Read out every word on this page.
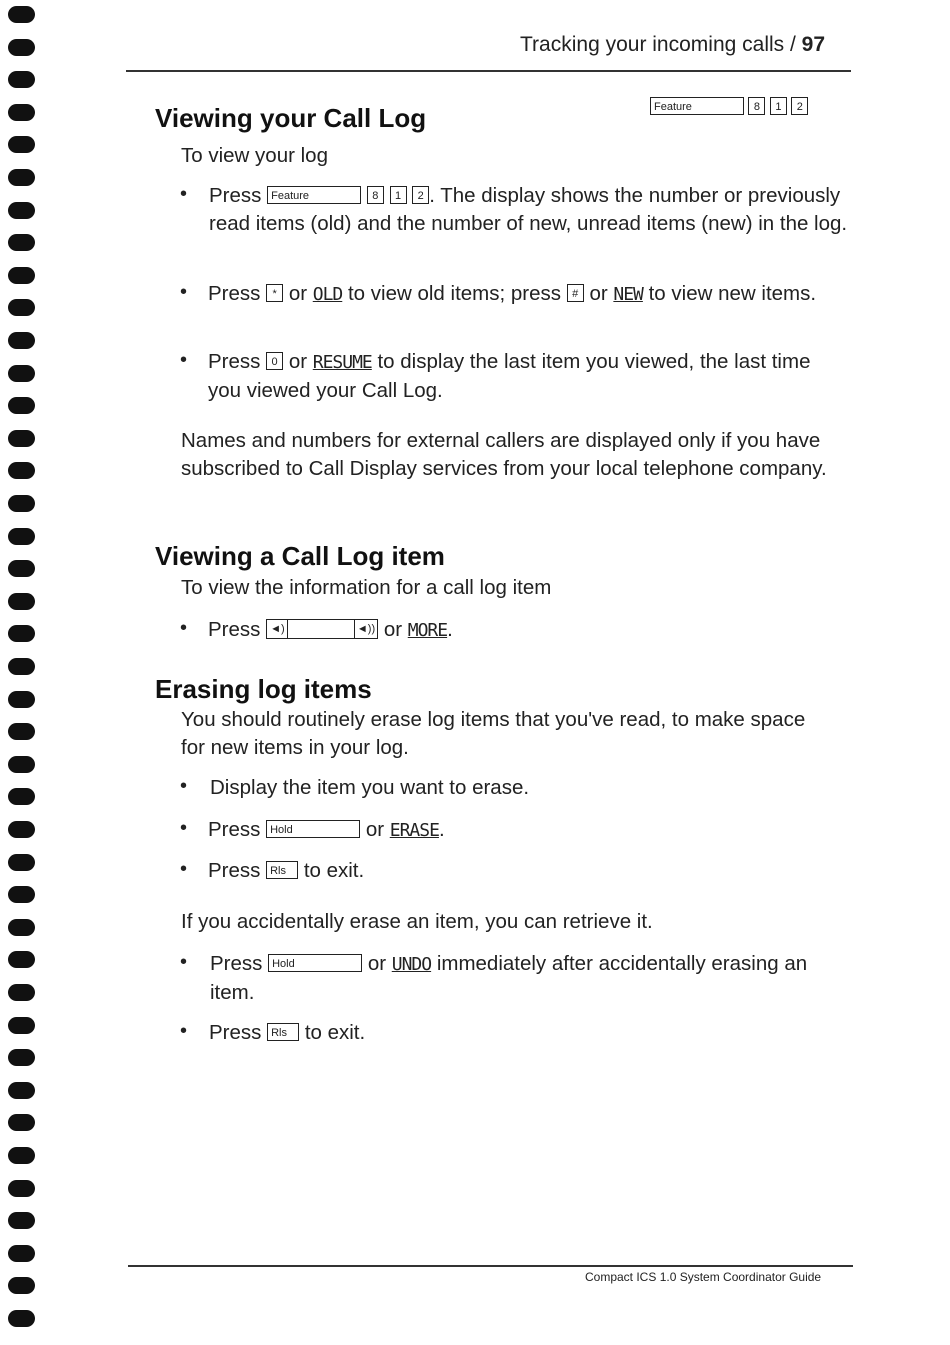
Tracking your incoming calls / 97
Viewing your Call Log	Feature	8 1 2

To view your log

• Press Feature	8 1 2 . The display shows the number or previously read items (old) and the number of new, unread items (new) in the log.

• Press * or OLD to view old items; press # or NEW to view new items.

• Press 0 or RESUME to display the last item you viewed, the last time you viewed your Call Log.

Names and numbers for external callers are displayed only if you have subscribed to Call Display services from your local telephone company.

Viewing a Call Log item

To view the information for a call log item

• Press ◄)	◄)) or MORE.

Erasing log items

You should routinely erase log items that you've read, to make space for new items in your log.

• Display the item you want to erase.

• Press Hold	or ERASE.

• Press Rls to exit.

If you accidentally erase an item, you can retrieve it.

• Press Hold	or UNDO immediately after accidentally erasing an item.

• Press Rls to exit.

Compact ICS 1.0 System Coordinator Guide
